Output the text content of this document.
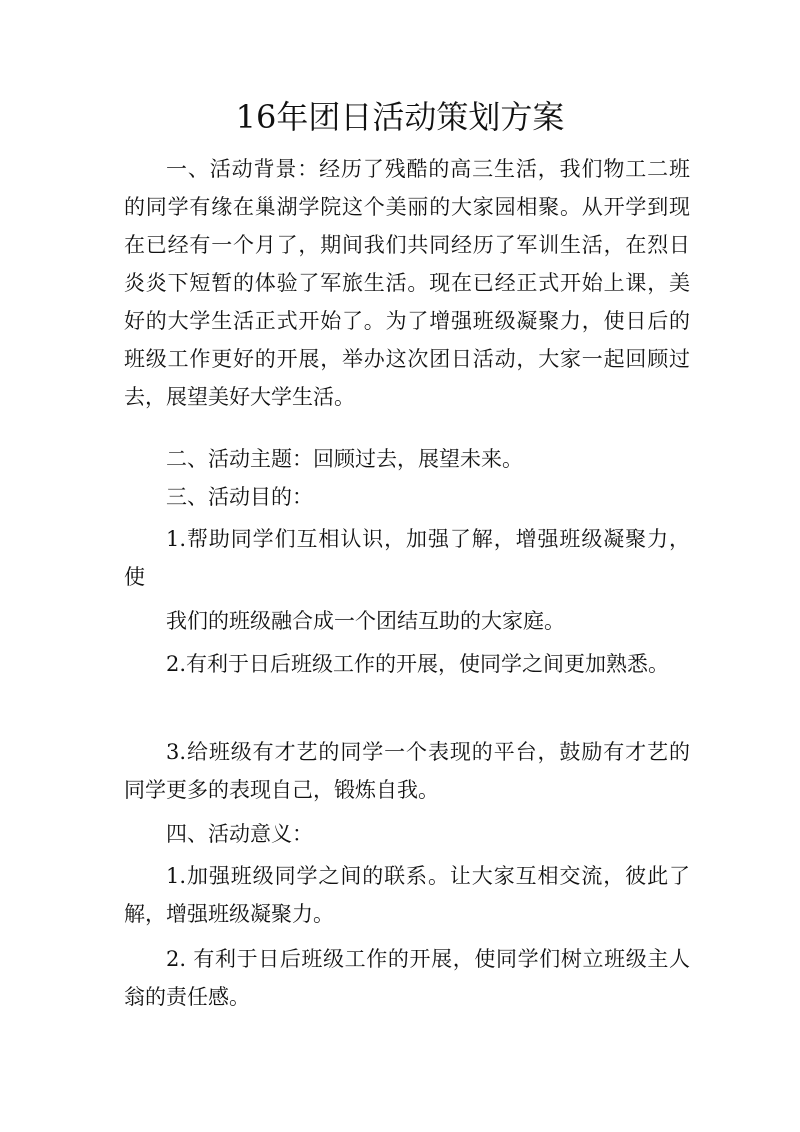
16年团日活动策划方案

一、活动背景：经历了残酷的高三生活，我们物工二班的同学有缘在巢湖学院这个美丽的大家园相聚。从开学到现在已经有一个月了，期间我们共同经历了军训生活，在烈日炎炎下短暂的体验了军旅生活。现在已经正式开始上课，美好的大学生活正式开始了。为了增强班级凝聚力，使日后的班级工作更好的开展，举办这次团日活动，大家一起回顾过去，展望美好大学生活。

二、活动主题：回顾过去，展望未来。

三、活动目的：

1.帮助同学们互相认识，加强了解，增强班级凝聚力，使

我们的班级融合成一个团结互助的大家庭。

2.有利于日后班级工作的开展，使同学之间更加熟悉。

3.给班级有才艺的同学一个表现的平台，鼓励有才艺的同学更多的表现自己，锻炼自我。

四、活动意义：

1.加强班级同学之间的联系。让大家互相交流，彼此了解，增强班级凝聚力。

2. 有利于日后班级工作的开展，使同学们树立班级主人翁的责任感。
